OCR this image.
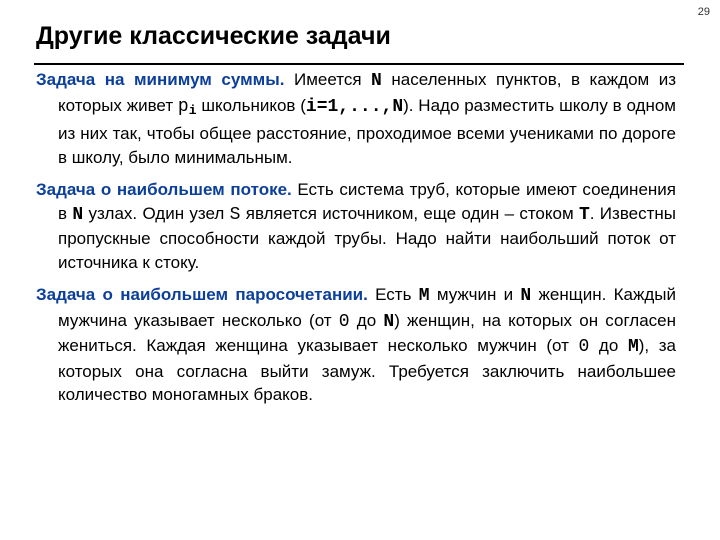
29
Другие классические задачи

Задача на минимум суммы. Имеется N населенных пунктов, в каждом из которых живет $p_i$ школьников (i=1,...,N). Надо разместить школу в одном из них так, чтобы общее расстояние, проходимое всеми учениками по дороге в школу, было минимальным.

Задача о наибольшем потоке. Есть система труб, которые имеют соединения в N узлах. Один узел S является источником, еще один – стоком T. Известны пропускные способности каждой трубы. Надо найти наибольший поток от источника к стоку.

Задача о наибольшем паросочетании. Есть M мужчин и N женщин. Каждый мужчина указывает несколько (от 0 до N) женщин, на которых он согласен жениться. Каждая женщина указывает несколько мужчин (от 0 до M), за которых она согласна выйти замуж. Требуется заключить наибольшее количество моногамных браков.
